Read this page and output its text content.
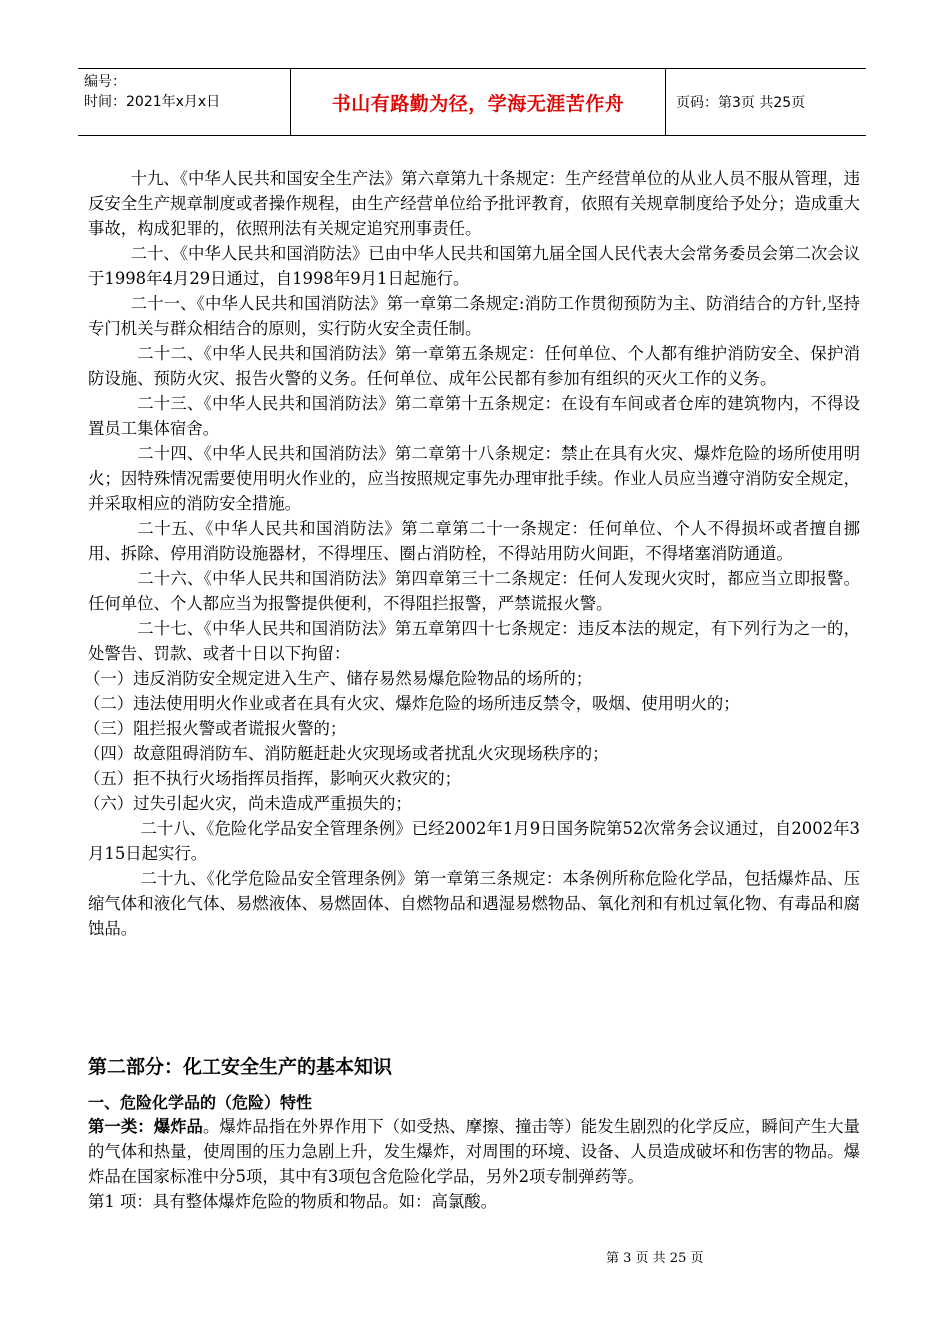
编号：
时间：2021年x月x日	书山有路勤为径，学海无涯苦作舟	页码：第3页 共25页

十九、《中华人民共和国安全生产法》第六章第九十条规定：生产经营单位的从业人员不服从管理，违反安全生产规章制度或者操作规程，由生产经营单位给予批评教育，依照有关规章制度给予处分；造成重大事故，构成犯罪的，依照刑法有关规定追究刑事责任。

二十、《中华人民共和国消防法》已由中华人民共和国第九届全国人民代表大会常务委员会第二次会议于1998年4月29日通过，自1998年9月1日起施行。

二十一、《中华人民共和国消防法》第一章第二条规定:消防工作贯彻预防为主、防消结合的方针,坚持专门机关与群众相结合的原则，实行防火安全责任制。

二十二、《中华人民共和国消防法》第一章第五条规定：任何单位、个人都有维护消防安全、保护消防设施、预防火灾、报告火警的义务。任何单位、成年公民都有参加有组织的灭火工作的义务。

二十三、《中华人民共和国消防法》第二章第十五条规定：在设有车间或者仓库的建筑物内，不得设置员工集体宿舍。

二十四、《中华人民共和国消防法》第二章第十八条规定：禁止在具有火灾、爆炸危险的场所使用明火；因特殊情况需要使用明火作业的，应当按照规定事先办理审批手续。作业人员应当遵守消防安全规定，并采取相应的消防安全措施。

二十五、《中华人民共和国消防法》第二章第二十一条规定：任何单位、个人不得损坏或者擅自挪用、拆除、停用消防设施器材，不得埋压、圈占消防栓，不得站用防火间距，不得堵塞消防通道。

二十六、《中华人民共和国消防法》第四章第三十二条规定：任何人发现火灾时，都应当立即报警。任何单位、个人都应当为报警提供便利，不得阻拦报警，严禁谎报火警。

二十七、《中华人民共和国消防法》第五章第四十七条规定：违反本法的规定，有下列行为之一的，处警告、罚款、或者十日以下拘留：

（一）违反消防安全规定进入生产、储存易然易爆危险物品的场所的；

（二）违法使用明火作业或者在具有火灾、爆炸危险的场所违反禁令，吸烟、使用明火的；

（三）阻拦报火警或者谎报火警的；

（四）故意阻碍消防车、消防艇赶赴火灾现场或者扰乱火灾现场秩序的；

（五）拒不执行火场指挥员指挥，影响灭火救灾的；

（六）过失引起火灾，尚未造成严重损失的；

二十八、《危险化学品安全管理条例》已经2002年1月9日国务院第52次常务会议通过，自2002年3月15日起实行。

二十九、《化学危险品安全管理条例》第一章第三条规定：本条例所称危险化学品，包括爆炸品、压缩气体和液化气体、易燃液体、易燃固体、自燃物品和遇湿易燃物品、氧化剂和有机过氧化物、有毒品和腐蚀品。

第二部分：化工安全生产的基本知识
一、危险化学品的（危险）特性

第一类：爆炸品。爆炸品指在外界作用下（如受热、摩擦、撞击等）能发生剧烈的化学反应，瞬间产生大量的气体和热量，使周围的压力急剧上升，发生爆炸，对周围的环境、设备、人员造成破坏和伤害的物品。爆炸品在国家标准中分5项，其中有3项包含危险化学品，另外2项专制弹药等。

第1 项：具有整体爆炸危险的物质和物品。如：高氯酸。

第 3 页 共 25 页
